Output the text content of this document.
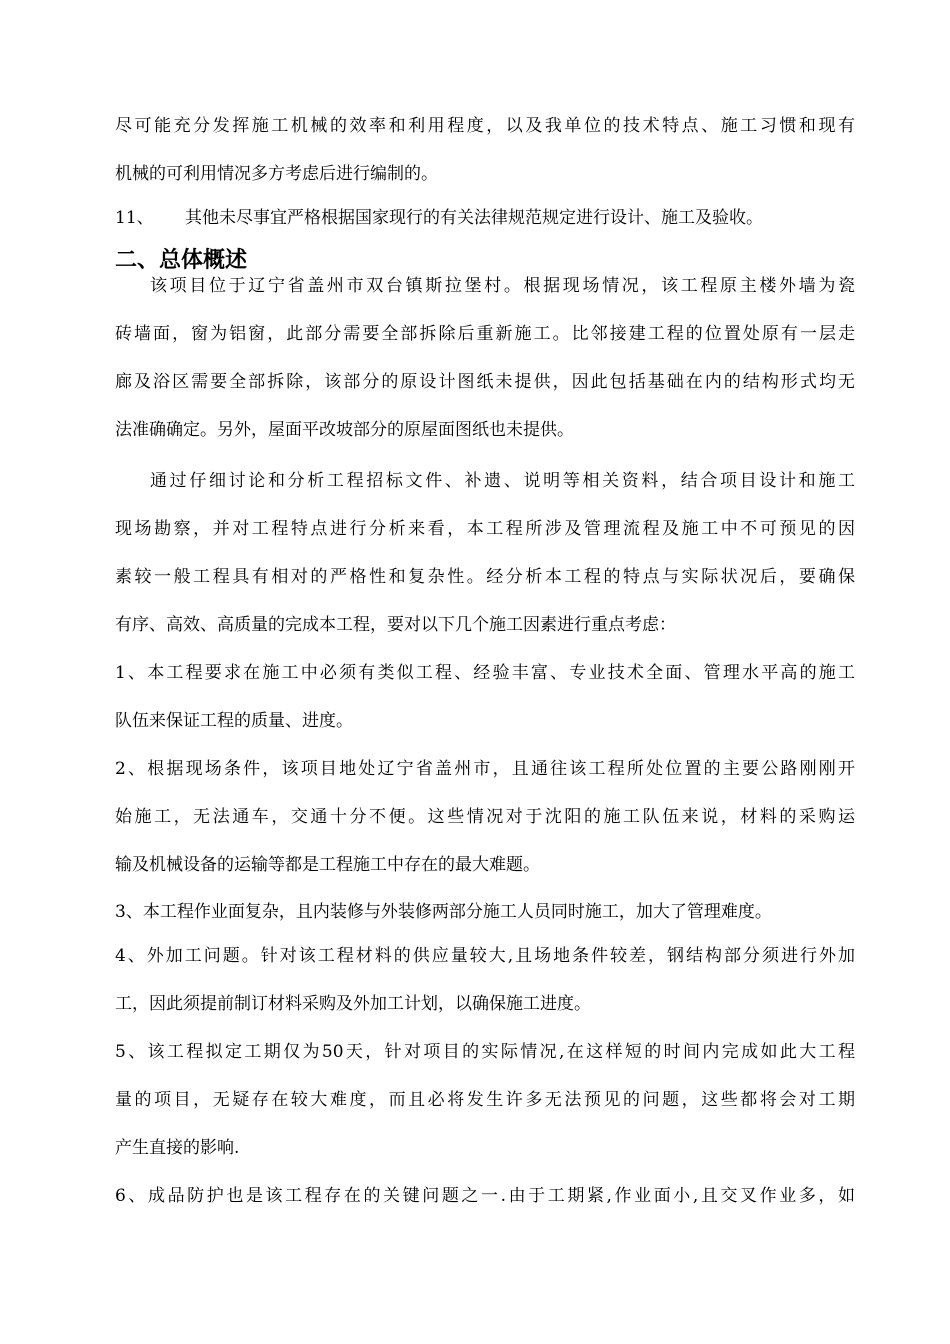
尽可能充分发挥施工机械的效率和利用程度，以及我单位的技术特点、施工习惯和现有
机械的可利用情况多方考虑后进行编制的。
11、 其他未尽事宜严格根据国家现行的有关法律规范规定进行设计、施工及验收。
二、总体概述
该项目位于辽宁省盖州市双台镇斯拉堡村。根据现场情况，该工程原主楼外墙为瓷
砖墙面，窗为铝窗，此部分需要全部拆除后重新施工。比邻接建工程的位置处原有一层走
廊及浴区需要全部拆除，该部分的原设计图纸未提供，因此包括基础在内的结构形式均无
法准确确定。另外，屋面平改坡部分的原屋面图纸也未提供。
通过仔细讨论和分析工程招标文件、补遗、说明等相关资料，结合项目设计和施工
现场勘察，并对工程特点进行分析来看，本工程所涉及管理流程及施工中不可预见的因
素较一般工程具有相对的严格性和复杂性。经分析本工程的特点与实际状况后，要确保
有序、高效、高质量的完成本工程，要对以下几个施工因素进行重点考虑：
1、本工程要求在施工中必须有类似工程、经验丰富、专业技术全面、管理水平高的施工
队伍来保证工程的质量、进度。
2、根据现场条件，该项目地处辽宁省盖州市，且通往该工程所处位置的主要公路刚刚开
始施工，无法通车，交通十分不便。这些情况对于沈阳的施工队伍来说，材料的采购运
输及机械设备的运输等都是工程施工中存在的最大难题。
3、本工程作业面复杂，且内装修与外装修两部分施工人员同时施工，加大了管理难度。
4、外加工问题。针对该工程材料的供应量较大,且场地条件较差，钢结构部分须进行外加
工，因此须提前制订材料采购及外加工计划，以确保施工进度。
5、该工程拟定工期仅为50天，针对项目的实际情况,在这样短的时间内完成如此大工程
量的项目，无疑存在较大难度，而且必将发生许多无法预见的问题，这些都将会对工期
产生直接的影响.
6、成品防护也是该工程存在的关键问题之一.由于工期紧,作业面小,且交叉作业多，如
